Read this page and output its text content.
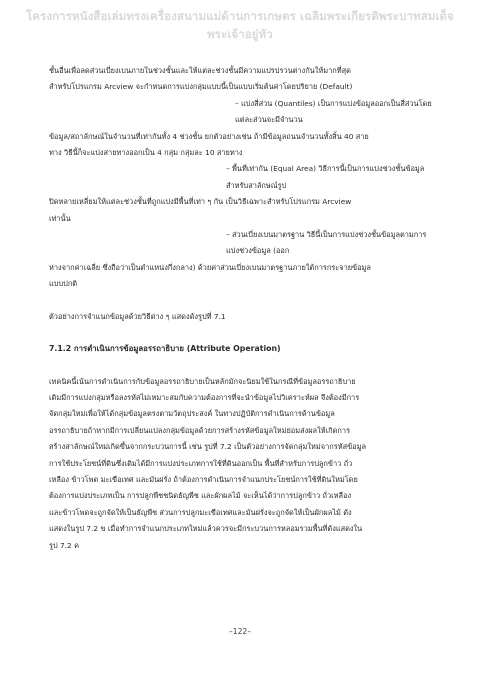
โครงการหนังสือเล่มทรงเครื่องสนามแม่ด้านการเกษตร เฉลิมพระเกียรติพระบาทสมเด็จพระเจ้าอยู่หัว

ชั้นอื่นเพื่อลดส่วนเบี่ยงเบนภายในช่วงชั้นและให้แต่ละช่วงชั้นมีความแปรปรวนต่างกันให้มากที่สุด

สำหรับโปรแกรม Arcview จะกำหนดการแบ่งกลุ่มแบบนี้เป็นแบบเริ่มต้นค่าโดยปริยาย (Default)

– แบ่งสี่ส่วน (Quantiles) เป็นการแบ่งข้อมูลออกเป็นสี่ส่วนโดยแต่ละส่วนจะมีจำนวน

ข้อมูล/สถาลักษณ์ในจำนวนที่เท่ากันทั้ง 4 ช่วงชั้น ยกตัวอย่างเช่น ถ้ามีข้อมูลถนนจำนวนทั้งสิ้น 40 สาย

ทาง วิธีนี้ก็จะแบ่งสายทางออกเป็น 4 กลุ่ม กลุ่มละ 10 สายทาง

– พื้นที่เท่ากัน (Equal Area) วิธีการนี้เป็นการแบ่งช่วงชั้นข้อมูลสำหรับสาลักษณ์รูป

ปิดหลายเหลี่ยมให้แต่ละช่วงชั้นที่ถูกแบ่งมีพื้นที่เท่า ๆ กัน เป็นวิธีเฉพาะสำหรับโปรแกรม Arcview

เท่านั้น

– ส่วนเบี่ยงเบนมาตรฐาน วิธีนี้เป็นการแบ่งช่วงชั้นข้อมูลตามการแบ่งช่วงข้อมูล (ออก

ห่างจากค่าเฉลี่ย ซึ่งถือว่าเป็นตำแหน่งกึ่งกลาง) ด้วยค่าส่วนเบี่ยงเบนมาตรฐานภายใต้การกระจายข้อมูล

แบบปกติ

ตัวอย่างการจำแนกข้อมูลด้วยวิธีต่าง ๆ แสดงดังรูปที่ 7.1

7.1.2 การดำเนินการข้อมูลอรรถาธิบาย (Attribute Operation)

เทคนิคนี้เน้นการดำเนินการกับข้อมูลอรรถาธิบายเป็นหลักมักจะนิยมใช้ในกรณีที่ข้อมูลอรรถาธิบาย

เดิมมีการแบ่งกลุ่มหรือลงรหัสไม่เหมาะสมกับความต้องการที่จะนำข้อมูลไปวิเคราะห์ผล จึงต้องมีการ

จัดกลุ่มใหม่เพื่อให้ได้กลุ่มข้อมูลตรงตามวัตถุประสงค์ ในทางปฏิบัติการดำเนินการด้านข้อมูล

อรรถาธิบายถ้าหากมีการเปลี่ยนแปลงกลุ่มข้อมูลด้วยการสร้างรหัสข้อมูลใหม่ย่อมส่งผลให้เกิดการ

สร้างสาลักษณ์ใหม่เกิดขึ้นจากกระบวนการนี้ เช่น รูปที่ 7.2 เป็นตัวอย่างการจัดกลุ่มใหม่จากรหัสข้อมูล

การใช้ประโยชน์ที่ดินซึ่งเดิมได้มีการแบ่งประเภทการใช้ที่ดินออกเป็น พื้นที่สำหรับการปลูกข้าว ถั่ว

เหลือง ข้าวโพด มะเขือเทศ และมันฝรั่ง ถ้าต้องการดำเนินการจำแนกประโยชน์การใช้ที่ดินใหม่โดย

ต้องการแบ่งประเภทเป็น การปลูกพืชชนิดธัญพืช และผักผลไม้ จะเห็นได้ว่าการปลูกข้าว ถั่วเหลือง

และข้าวโพดจะถูกจัดให้เป็นธัญพืช ส่วนการปลูกมะเขือเทศและมันฝรั่งจะถูกจัดให้เป็นผักผลไม้ ดัง

แสดงในรูป 7.2 ข เมื่อทำการจำแนกประเภทใหม่แล้วควรจะมีกระบวนการหลอมรวมพื้นที่ดังแสดงใน

รูป 7.2 ค

–122–
